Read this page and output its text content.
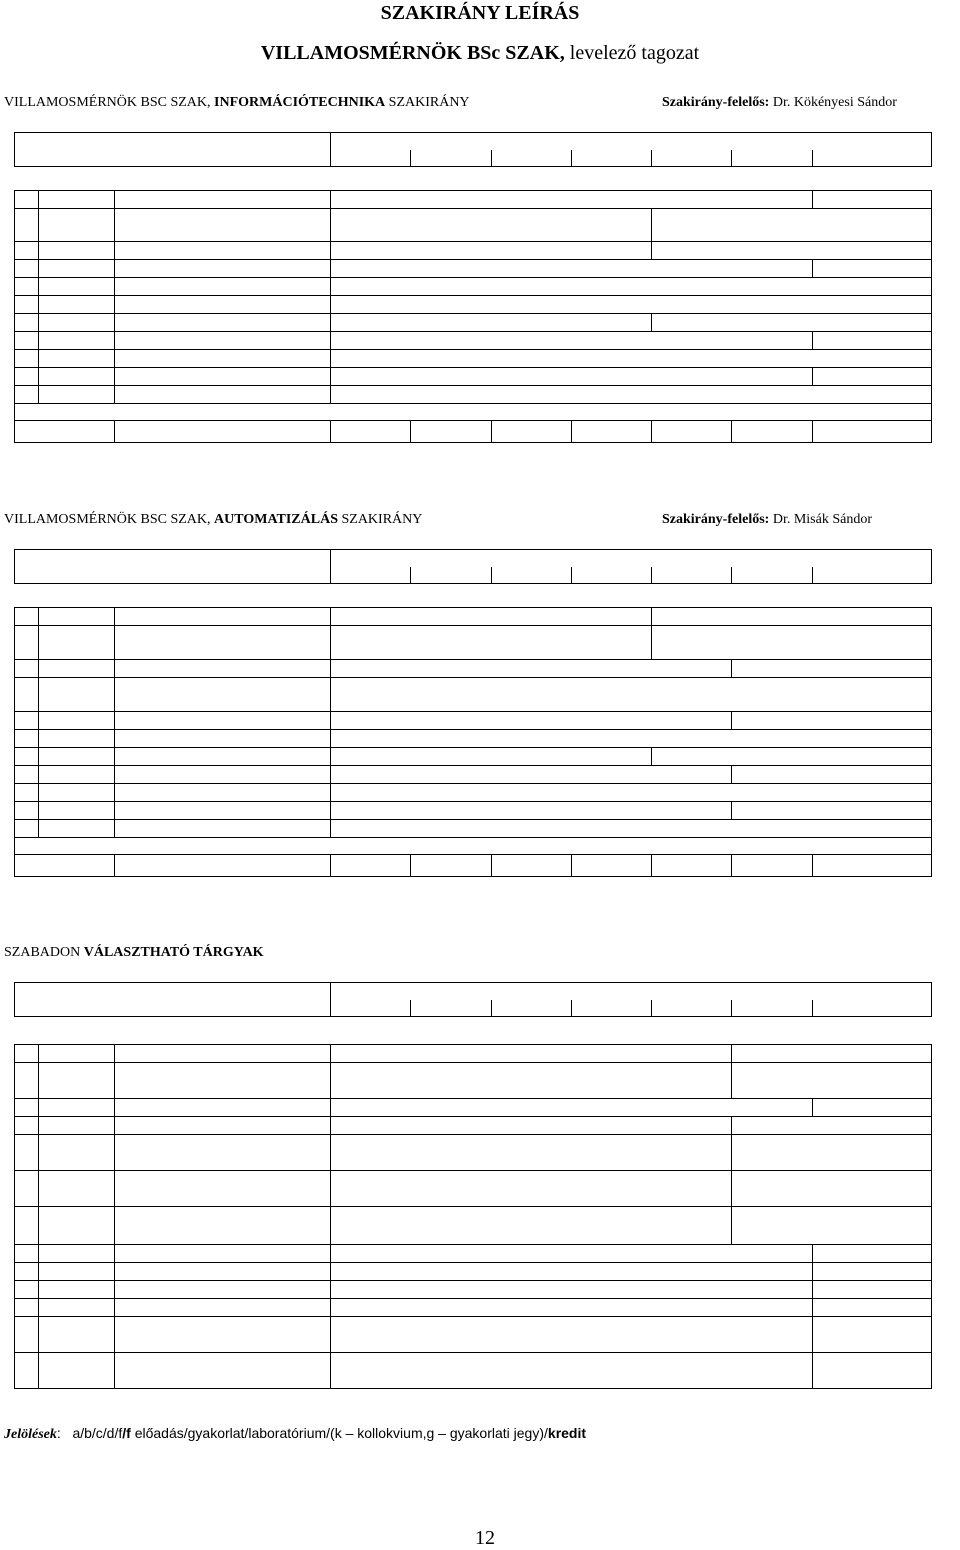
SZAKIRÁNY LEÍRÁS
VILLAMOSMÉRNÖK BSc SZAK, levelező tagozat
VILLAMOSMÉRNÖK BSC SZAK, INFORMÁCIÓTECHNIKA SZAKIRÁNY	Szakirány-felelős: Dr. Kökényesi Sándor

VILLAMOSMÉRNÖK BSC SZAK, AUTOMATIZÁLÁS SZAKIRÁNY	Szakirány-felelős: Dr. Misák Sándor

SZABADON VÁLASZTHATÓ TÁRGYAK

Jelölések: a/b/c/d/f/f előadás/gyakorlat/laboratórium/(k – kollokvium,g – gyakorlati jegy)/kredit
12
